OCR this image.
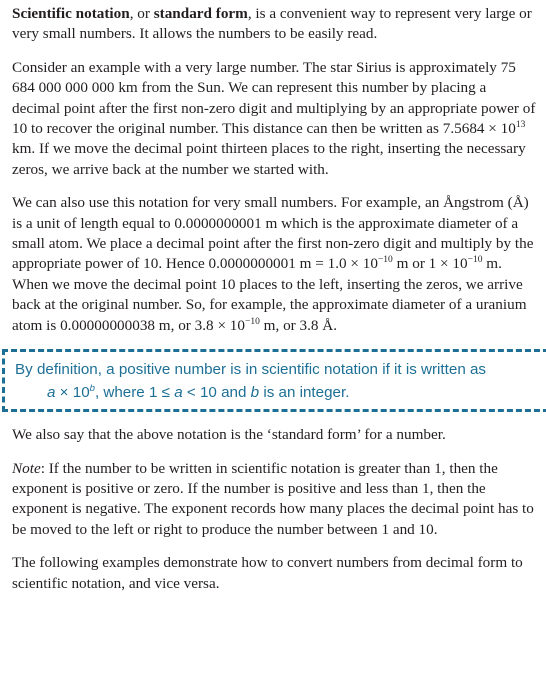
Scientific notation, or standard form, is a convenient way to represent very large or very small numbers. It allows the numbers to be easily read.

Consider an example with a very large number. The star Sirius is approximately 75 684 000 000 000 km from the Sun. We can represent this number by placing a decimal point after the first non-zero digit and multiplying by an appropriate power of 10 to recover the original number. This distance can then be written as $7.5684 \times 10^{13}$ km. If we move the decimal point thirteen places to the right, inserting the necessary zeros, we arrive back at the number we started with.

We can also use this notation for very small numbers. For example, an Ångstrom (Å) is a unit of length equal to 0.0000000001 m which is the approximate diameter of a small atom. We place a decimal point after the first non-zero digit and multiply by the appropriate power of 10. Hence 0.0000000001 $m = 1.0 \times 10^{-10}$ m or $1 \times 10^{-10}$ m. When we move the decimal point 10 places to the left, inserting the zeros, we arrive back at the original number. So, for example, the approximate diameter of a uranium atom is 0.00000000038 m, or $3.8 \times 10^{-10}$ m, or 3.8 Å.

By definition, a positive number is in scientific notation if it is written as
$a \times 10^b$, where 1 ≤ a < 10 and b is an integer.

We also say that the above notation is the ‘standard form’ for a number.

Note: If the number to be written in scientific notation is greater than 1, then the exponent is positive or zero. If the number is positive and less than 1, then the exponent is negative. The exponent records how many places the decimal point has to be moved to the left or right to produce the number between 1 and 10.

The following examples demonstrate how to convert numbers from decimal form to scientific notation, and vice versa.
